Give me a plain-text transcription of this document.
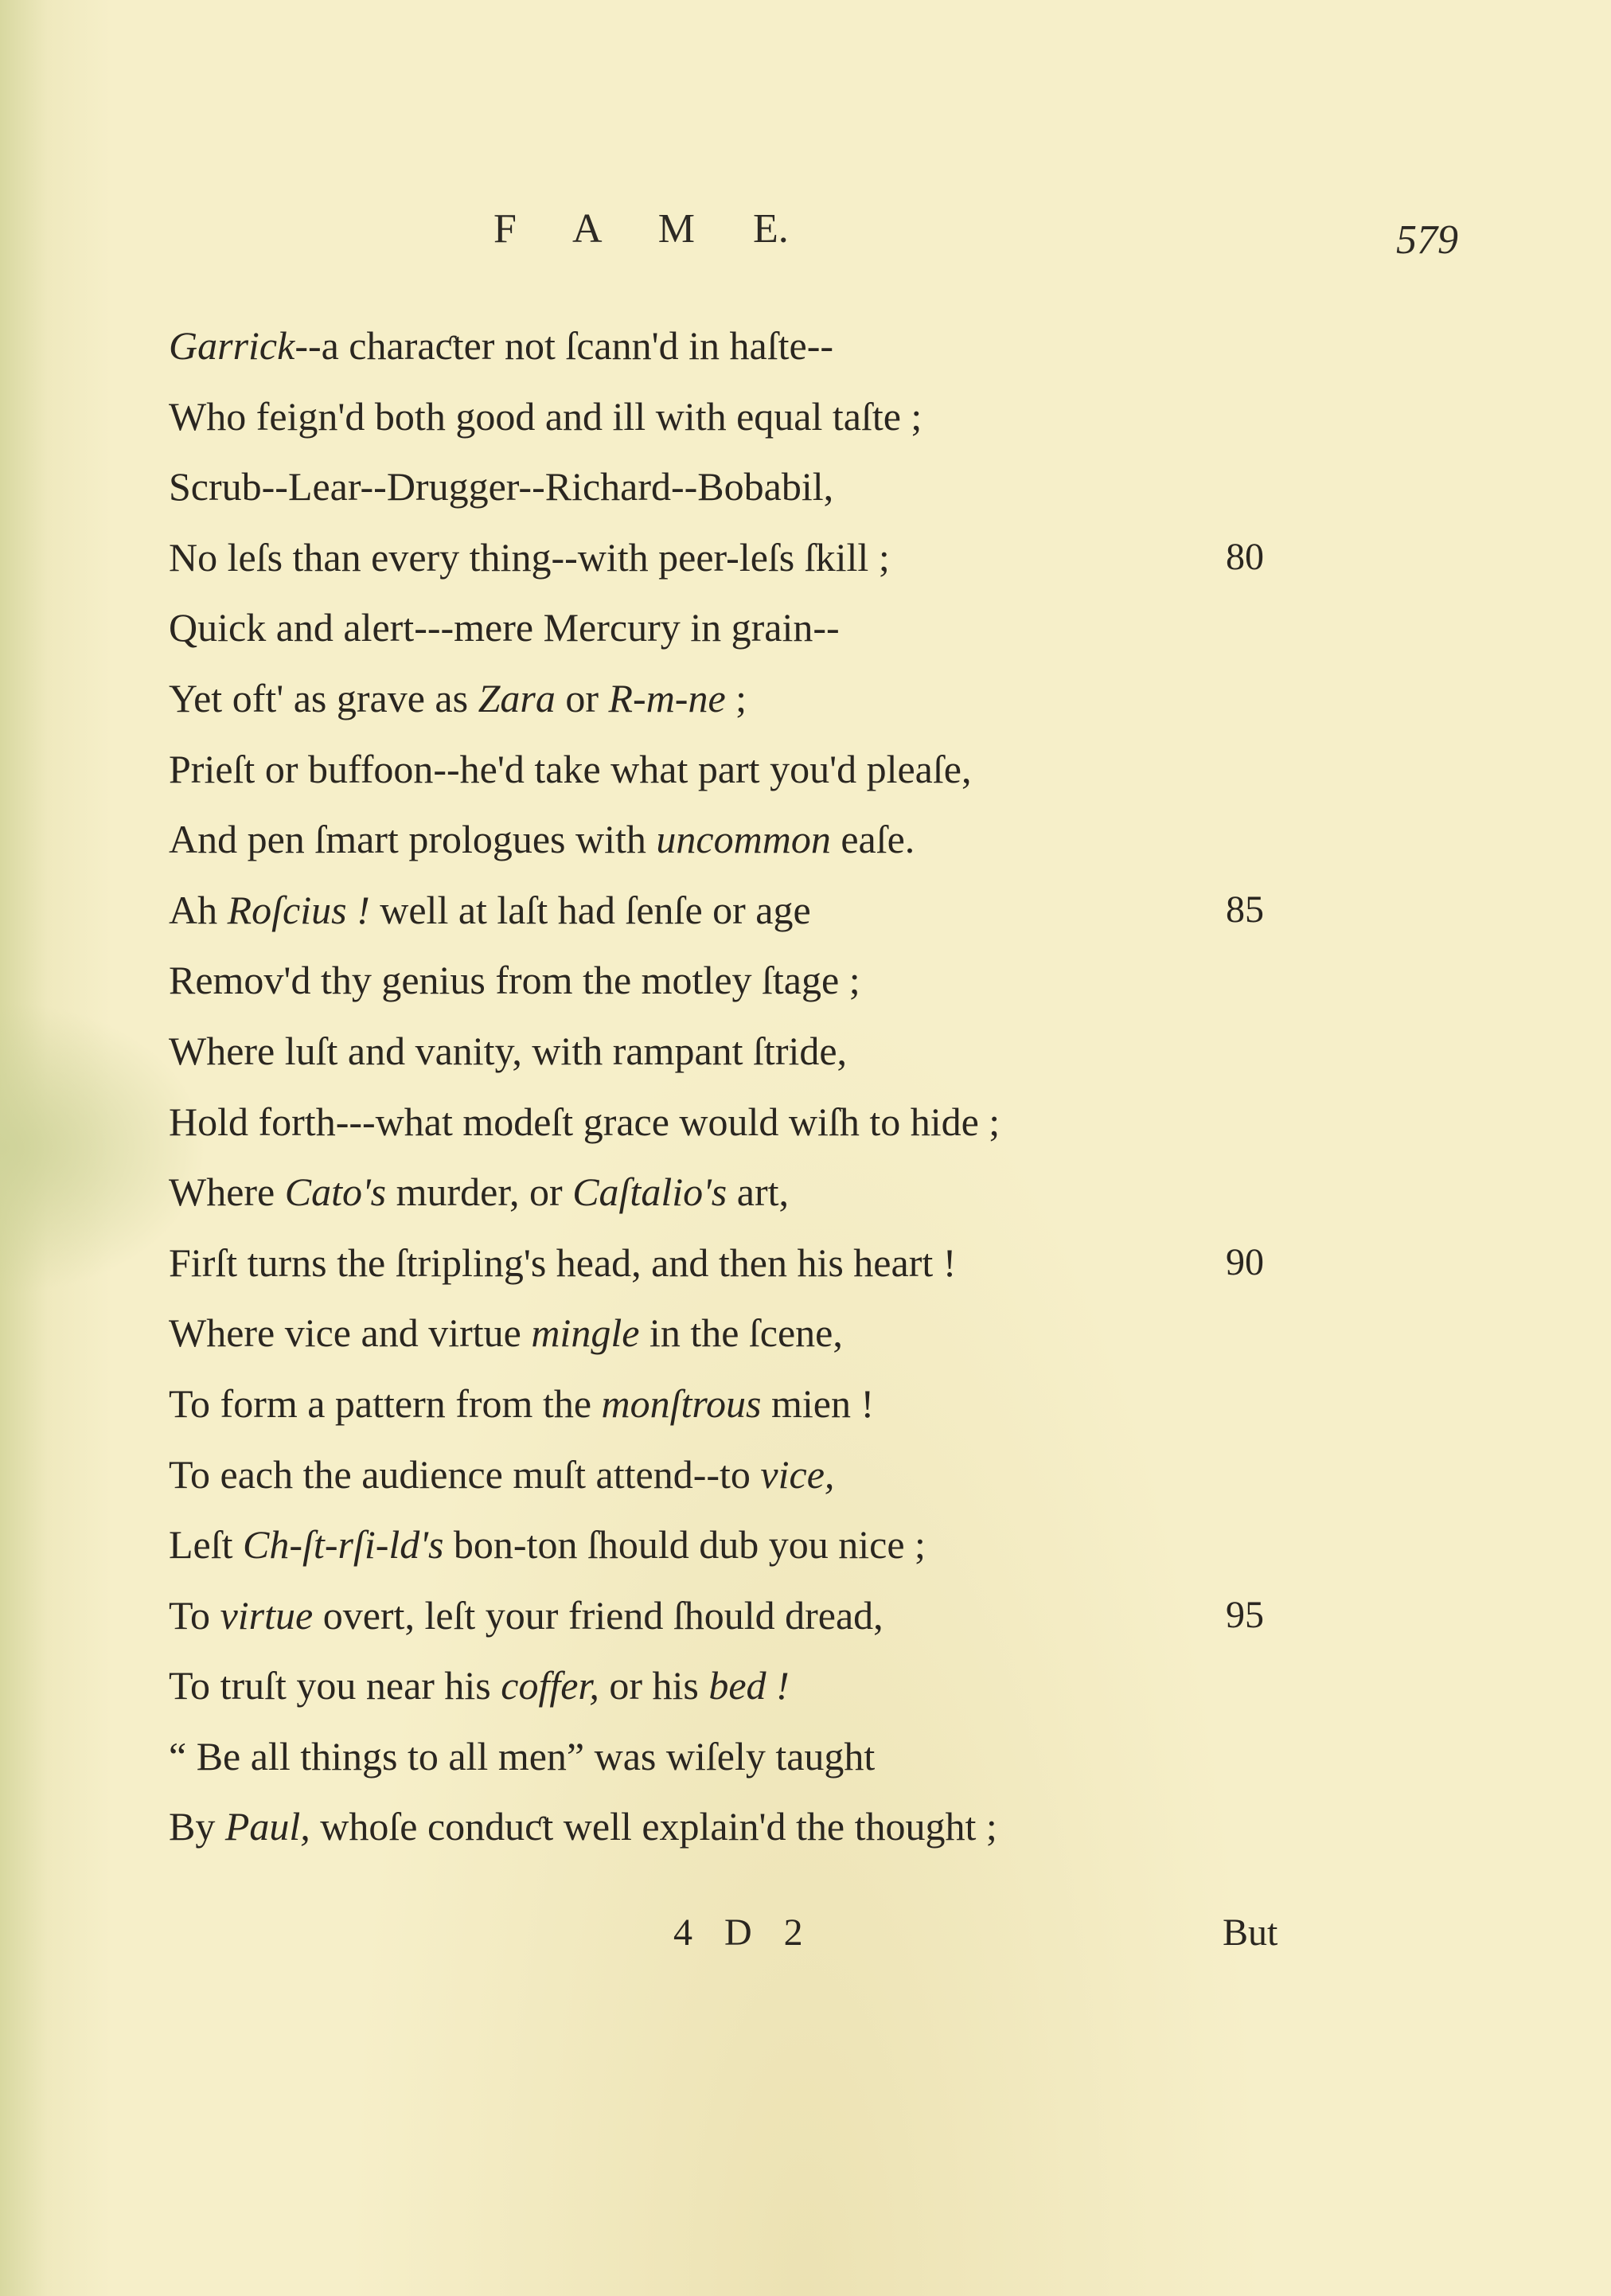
F A M E.	579
Garrick--a charaƈter not ſcann'd in haſte--
Who feign'd both good and ill with equal taſte ;
Scrub--Lear--Drugger--Richard--Bobabil,
No leſs than every thing--with peer-leſs ſkill ;	80
Quick and alert---mere Mercury in grain--
Yet oft' as grave as Zara or R-m-ne ;
Prieſt or buffoon--he'd take what part you'd pleaſe,
And pen ſmart prologues with uncommon eaſe.
Ah Roſcius ! well at laſt had ſenſe or age	85
Remov'd thy genius from the motley ſtage ;
Where luſt and vanity, with rampant ſtride,
Hold forth---what modeſt grace would wiſh to hide ;
Where Cato's murder, or Caſtalio's art,
Firſt turns the ſtripling's head, and then his heart !	90
Where vice and virtue mingle in the ſcene,
To form a pattern from the monſtrous mien !
To each the audience muſt attend--to vice,
Leſt Ch-ſt-rſi-ld's bon-ton ſhould dub you nice ;
To virtue overt, leſt your friend ſhould dread,	95
To truſt you near his coffer, or his bed !
“ Be all things to all men” was wiſely taught
By Paul, whoſe conduƈt well explain'd the thought ;
4 D 2	But
